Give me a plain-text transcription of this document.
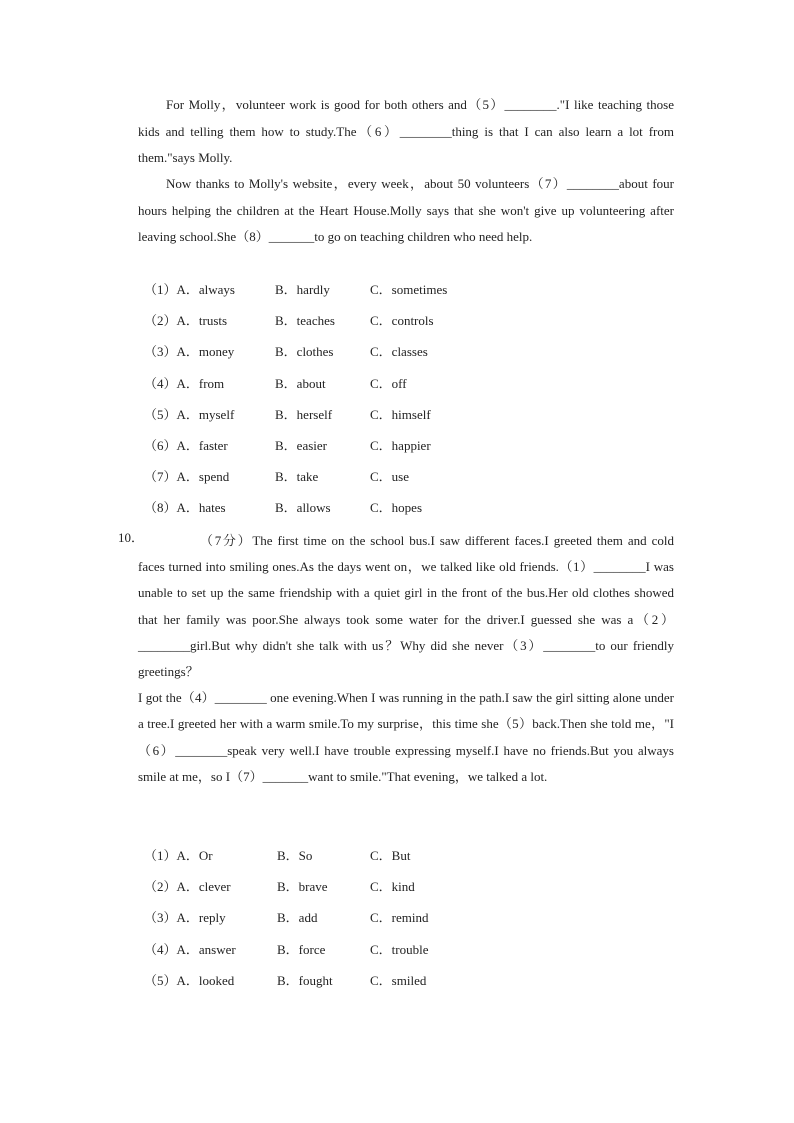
For Molly，volunteer work is good for both others and（5）________."I like teaching those kids and telling them how to study.The（6）________thing is that I can also learn a lot from them."says Molly.
Now thanks to Molly's website，every week，about 50 volunteers（7）________about four hours helping the children at the Heart House.Molly says that she won't give up volunteering after leaving school.She（8）_______to go on teaching children who need help.
（1）A．always	B．hardly	C．sometimes
（2）A．trusts	B．teaches	C．controls
（3）A．money	B．clothes	C．classes
（4）A．from	B．about	C．off
（5）A．myself	B．herself	C．himself
（6）A．faster	B．easier	C．happier
（7）A．spend	B．take	C．use
（8）A．hates	B．allows	C．hopes
10．	（7分）The first time on the school bus.I saw different faces.I greeted them and cold faces turned into smiling ones.As the days went on，we talked like old friends.（1）________I was unable to set up the same friendship with a quiet girl in the front of the bus.Her old clothes showed that her family was poor.She always took some water for the driver.I guessed she was a（2）________girl.But why didn't she talk with us？Why did she never（3）________to our friendly greetings？
I got the（4）________ one evening.When I was running in the path.I saw the girl sitting alone under a tree.I greeted her with a warm smile.To my surprise，this time she（5）back.Then she told me，"I（6）________speak very well.I have trouble expressing myself.I have no friends.But you always smile at me，so I（7）_______want to smile."That evening，we talked a lot.
（1）A．Or	B．So	C．But
（2）A．clever	B．brave	C．kind
（3）A．reply	B．add	C．remind
（4）A．answer	B．force	C．trouble
（5）A．looked	B．fought	C．smiled
